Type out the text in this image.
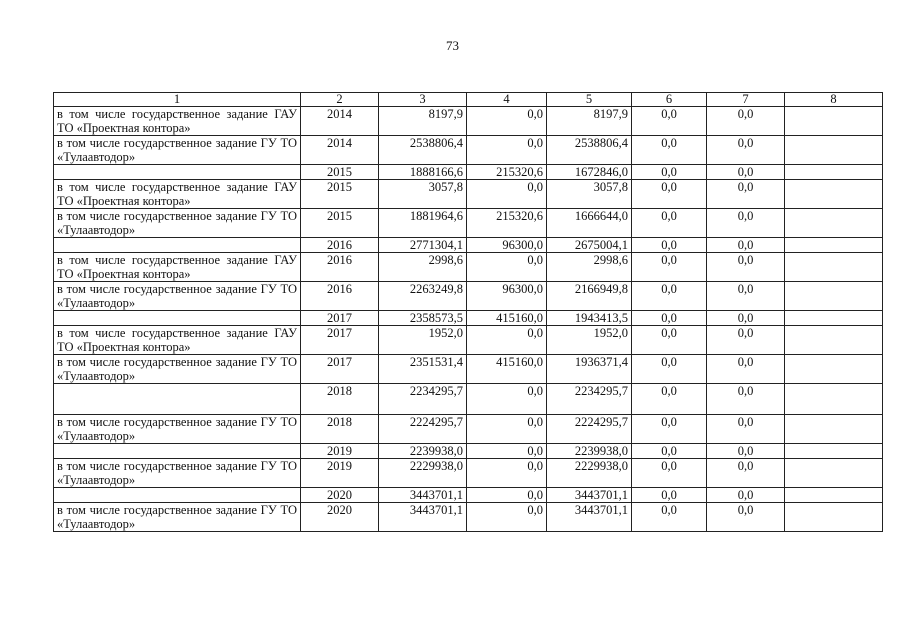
73
1	2	3	4	5	6	7	8
в том числе государственное задание ГАУ ТО «Проектная контора»	2014	8197,9	0,0	8197,9	0,0	0,0	
в том числе государственное задание ГУ ТО «Тулаавтодор»	2014	2538806,4	0,0	2538806,4	0,0	0,0	
	2015	1888166,6	215320,6	1672846,0	0,0	0,0	
в том числе государственное задание ГАУ ТО «Проектная контора»	2015	3057,8	0,0	3057,8	0,0	0,0	
в том числе государственное задание ГУ ТО «Тулаавтодор»	2015	1881964,6	215320,6	1666644,0	0,0	0,0	
	2016	2771304,1	96300,0	2675004,1	0,0	0,0	
в том числе государственное задание ГАУ ТО «Проектная контора»	2016	2998,6	0,0	2998,6	0,0	0,0	
в том числе государственное задание ГУ ТО «Тулаавтодор»	2016	2263249,8	96300,0	2166949,8	0,0	0,0	
	2017	2358573,5	415160,0	1943413,5	0,0	0,0	
в том числе государственное задание ГАУ ТО «Проектная контора»	2017	1952,0	0,0	1952,0	0,0	0,0	
в том числе государственное задание ГУ ТО «Тулаавтодор»	2017	2351531,4	415160,0	1936371,4	0,0	0,0	
	2018	2234295,7	0,0	2234295,7	0,0	0,0	
в том числе государственное задание ГУ ТО «Тулаавтодор»	2018	2224295,7	0,0	2224295,7	0,0	0,0	
	2019	2239938,0	0,0	2239938,0	0,0	0,0	
в том числе государственное задание ГУ ТО «Тулаавтодор»	2019	2229938,0	0,0	2229938,0	0,0	0,0	
	2020	3443701,1	0,0	3443701,1	0,0	0,0	
в том числе государственное задание ГУ ТО «Тулаавтодор»	2020	3443701,1	0,0	3443701,1	0,0	0,0	
